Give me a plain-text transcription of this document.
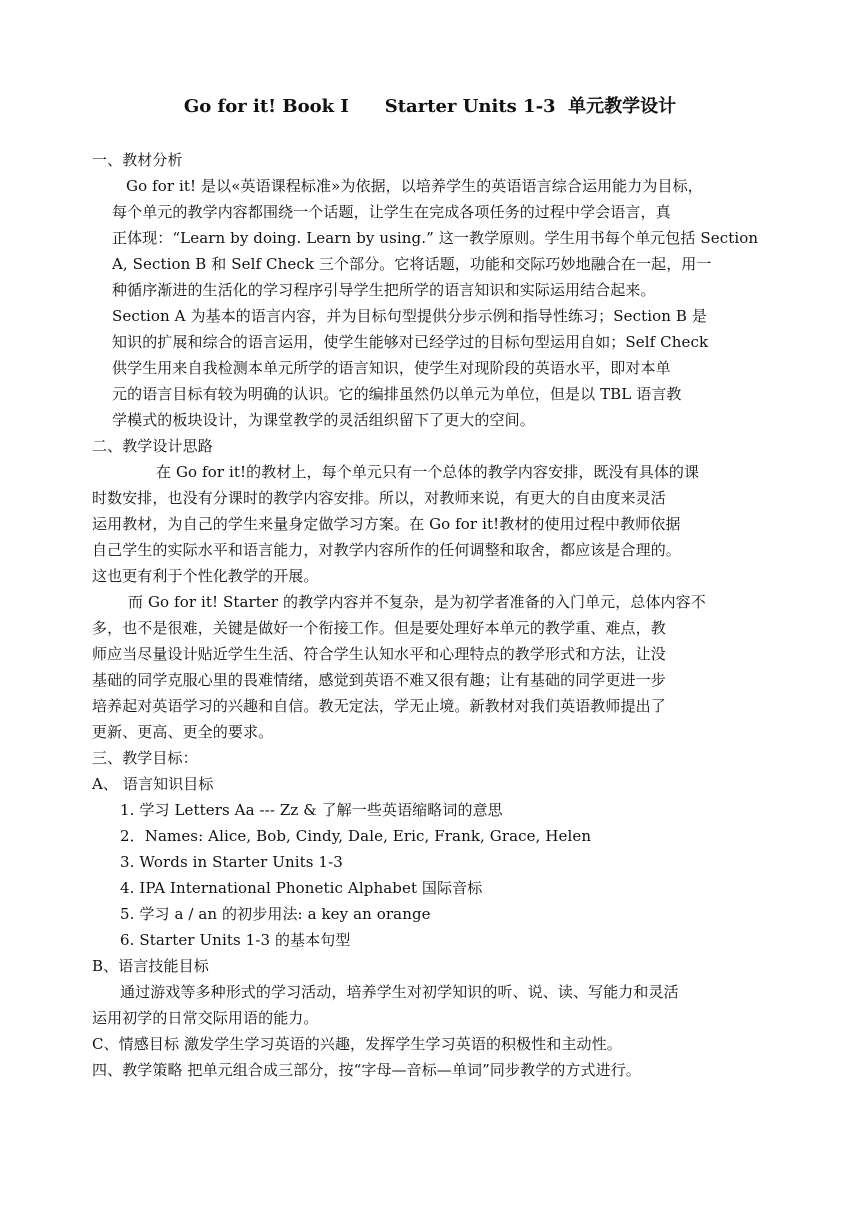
Go for it! Book I　　Starter Units 1-3  单元教学设计
一、教材分析
Go for it! 是以«英语课程标准»为依据，以培养学生的英语语言综合运用能力为目标，
每个单元的教学内容都围绕一个话题，让学生在完成各项任务的过程中学会语言，真
正体现：“Learn by doing. Learn by using.” 这一教学原则。学生用书每个单元包括 Section
A, Section B 和 Self Check 三个部分。它将话题，功能和交际巧妙地融合在一起，用一
种循序渐进的生活化的学习程序引导学生把所学的语言知识和实际运用结合起来。
Section A 为基本的语言内容，并为目标句型提供分步示例和指导性练习；Section B 是
知识的扩展和综合的语言运用，使学生能够对已经学过的目标句型运用自如；Self Check
供学生用来自我检测本单元所学的语言知识，使学生对现阶段的英语水平，即对本单
元的语言目标有较为明确的认识。它的编排虽然仍以单元为单位，但是以 TBL 语言教
学模式的板块设计，为课堂教学的灵活组织留下了更大的空间。
二、教学设计思路
在 Go for it!的教材上，每个单元只有一个总体的教学内容安排，既没有具体的课
时数安排，也没有分课时的教学内容安排。所以，对教师来说，有更大的自由度来灵活
运用教材，为自己的学生来量身定做学习方案。在 Go for it!教材的使用过程中教师依据
自己学生的实际水平和语言能力，对教学内容所作的任何调整和取舍，都应该是合理的。
这也更有利于个性化教学的开展。
而 Go for it! Starter 的教学内容并不复杂，是为初学者准备的入门单元，总体内容不
多，也不是很难，关键是做好一个衔接工作。但是要处理好本单元的教学重、难点，教
师应当尽量设计贴近学生生活、符合学生认知水平和心理特点的教学形式和方法，让没
基础的同学克服心里的畏难情绪，感觉到英语不难又很有趣；让有基础的同学更进一步
培养起对英语学习的兴趣和自信。教无定法，学无止境。新教材对我们英语教师提出了
更新、更高、更全的要求。
三、教学目标：
A、 语言知识目标
1. 学习 Letters Aa --- Zz & 了解一些英语缩略词的意思
2．Names: Alice, Bob, Cindy, Dale, Eric, Frank, Grace, Helen
3. Words in Starter Units 1-3
4. IPA International Phonetic Alphabet 国际音标
5. 学习 a / an 的初步用法: a key an orange
6. Starter Units 1-3 的基本句型
B、语言技能目标
通过游戏等多种形式的学习活动，培养学生对初学知识的听、说、读、写能力和灵活
运用初学的日常交际用语的能力。
C、情感目标 激发学生学习英语的兴趣，发挥学生学习英语的积极性和主动性。
四、教学策略 把单元组合成三部分，按“字母—音标—单词”同步教学的方式进行。
